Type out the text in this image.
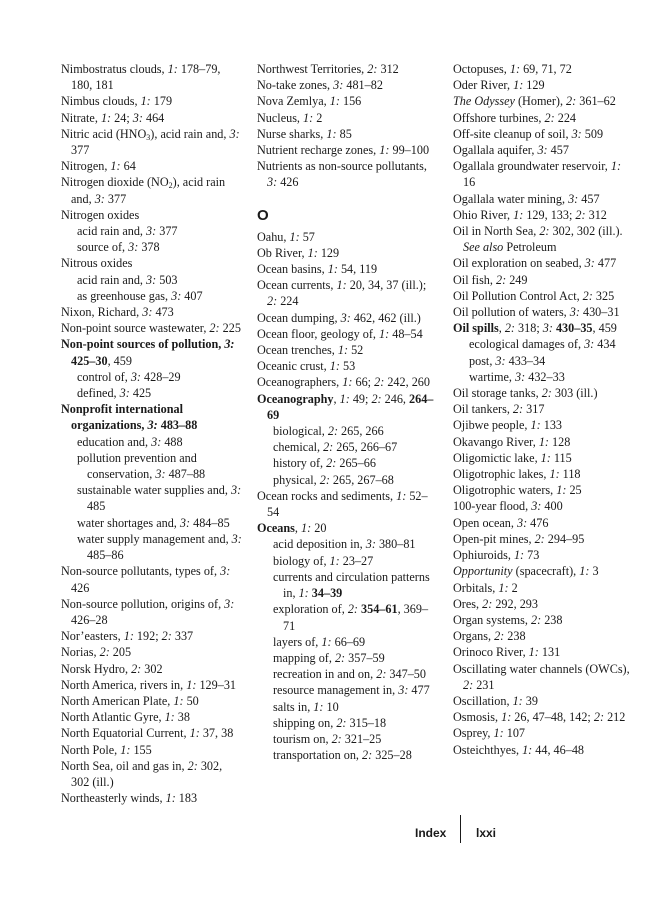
Nimbostratus clouds, 1: 178–79, 180, 181
Nimbus clouds, 1: 179
Nitrate, 1: 24; 3: 464
Nitric acid $(HNO_3)$, acid rain and, 3: 377
Nitrogen, 1: 64
Nitrogen dioxide $(NO_2)$, acid rain and, 3: 377
Nitrogen oxides
acid rain and, 3: 377
source of, 3: 378
Nitrous oxides
acid rain and, 3: 503
as greenhouse gas, 3: 407
Nixon, Richard, 3: 473
Non-point source wastewater, 2: 225
Non-point sources of pollution, 3: 425–30, 459
control of, 3: 428–29
defined, 3: 425
Nonprofit international organizations, 3: 483–88
education and, 3: 488
pollution prevention and conservation, 3: 487–88
sustainable water supplies and, 3: 485
water shortages and, 3: 484–85
water supply management and, 3: 485–86
Non-source pollutants, types of, 3: 426
Non-source pollution, origins of, 3: 426–28
Nor’easters, 1: 192; 2: 337
Norias, 2: 205
Norsk Hydro, 2: 302
North America, rivers in, 1: 129–31
North American Plate, 1: 50
North Atlantic Gyre, 1: 38
North Equatorial Current, 1: 37, 38
North Pole, 1: 155
North Sea, oil and gas in, 2: 302, 302 (ill.)
Northeasterly winds, 1: 183
Northwest Territories, 2: 312
No-take zones, 3: 481–82
Nova Zemlya, 1: 156
Nucleus, 1: 2
Nurse sharks, 1: 85
Nutrient recharge zones, 1: 99–100
Nutrients as non-source pollutants, 3: 426
O
Oahu, 1: 57
Ob River, 1: 129
Ocean basins, 1: 54, 119
Ocean currents, 1: 20, 34, 37 (ill.); 2: 224
Ocean dumping, 3: 462, 462 (ill.)
Ocean floor, geology of, 1: 48–54
Ocean trenches, 1: 52
Oceanic crust, 1: 53
Oceanographers, 1: 66; 2: 242, 260
Oceanography, 1: 49; 2: 246, 264–69
biological, 2: 265, 266
chemical, 2: 265, 266–67
history of, 2: 265–66
physical, 2: 265, 267–68
Ocean rocks and sediments, 1: 52–54
Oceans, 1: 20
acid deposition in, 3: 380–81
biology of, 1: 23–27
currents and circulation patterns in, 1: 34–39
exploration of, 2: 354–61, 369–71
layers of, 1: 66–69
mapping of, 2: 357–59
recreation in and on, 2: 347–50
resource management in, 3: 477
salts in, 1: 10
shipping on, 2: 315–18
tourism on, 2: 321–25
transportation on, 2: 325–28
Octopuses, 1: 69, 71, 72
Oder River, 1: 129
The Odyssey (Homer), 2: 361–62
Offshore turbines, 2: 224
Off-site cleanup of soil, 3: 509
Ogallala aquifer, 3: 457
Ogallala groundwater reservoir, 1: 16
Ogallala water mining, 3: 457
Ohio River, 1: 129, 133; 2: 312
Oil in North Sea, 2: 302, 302 (ill.). See also Petroleum
Oil exploration on seabed, 3: 477
Oil fish, 2: 249
Oil Pollution Control Act, 2: 325
Oil pollution of waters, 3: 430–31
Oil spills, 2: 318; 3: 430–35, 459
ecological damages of, 3: 434
post, 3: 433–34
wartime, 3: 432–33
Oil storage tanks, 2: 303 (ill.)
Oil tankers, 2: 317
Ojibwe people, 1: 133
Okavango River, 1: 128
Oligomictic lake, 1: 115
Oligotrophic lakes, 1: 118
Oligotrophic waters, 1: 25
100-year flood, 3: 400
Open ocean, 3: 476
Open-pit mines, 2: 294–95
Ophiuroids, 1: 73
Opportunity (spacecraft), 1: 3
Orbitals, 1: 2
Ores, 2: 292, 293
Organ systems, 2: 238
Organs, 2: 238
Orinoco River, 1: 131
Oscillating water channels (OWCs), 2: 231
Oscillation, 1: 39
Osmosis, 1: 26, 47–48, 142; 2: 212
Osprey, 1: 107
Osteichthyes, 1: 44, 46–48
Index lxxi
